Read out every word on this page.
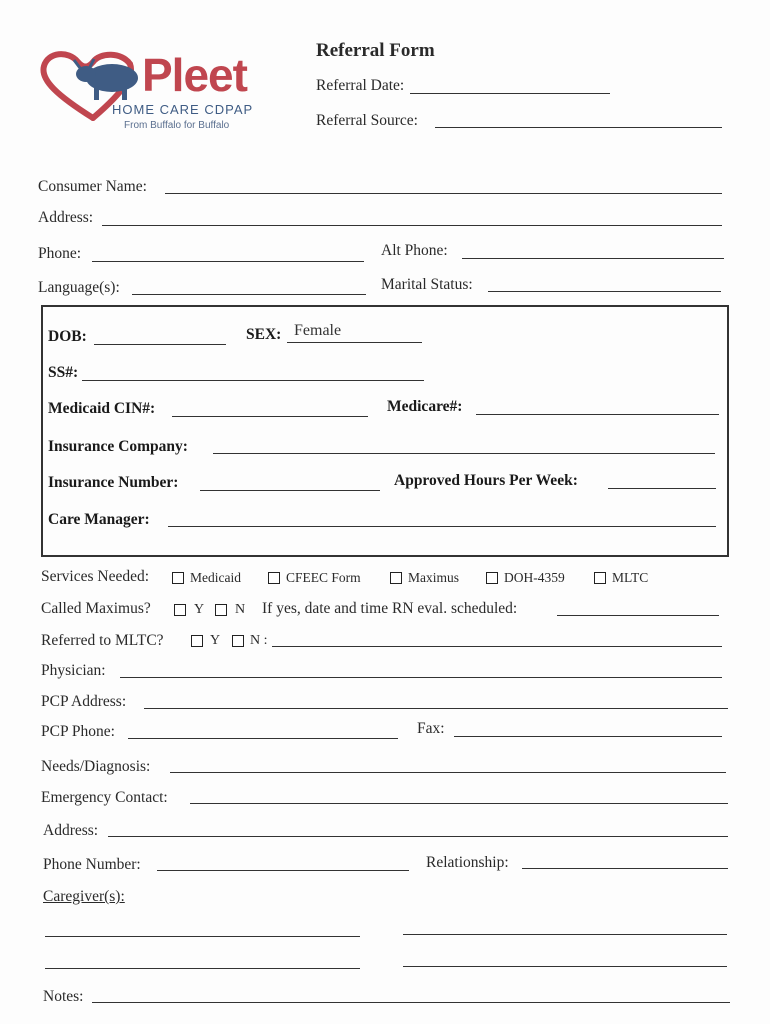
Pleet
HOME CARE CDPAP
From Buffalo for Buffalo
Referral Form
Referral Date:
Referral Source:
Consumer Name:
Address:
Phone:	Alt Phone:
Language(s):	Marital Status:
DOB:	SEX: Female
SS#:
Medicaid CIN#:	Medicare#:
Insurance Company:
Insurance Number:	Approved Hours Per Week:
Care Manager:
Services Needed:	Medicaid	CFEEC Form	Maximus	DOH-4359	MLTC
Called Maximus?	Y N If yes, date and time RN eval. scheduled:
Referred to MLTC?	Y N :
Physician:
PCP Address:
PCP Phone:	Fax:
Needs/Diagnosis:
Emergency Contact:
Address:
Phone Number:	Relationship:
Caregiver(s):
Notes:
